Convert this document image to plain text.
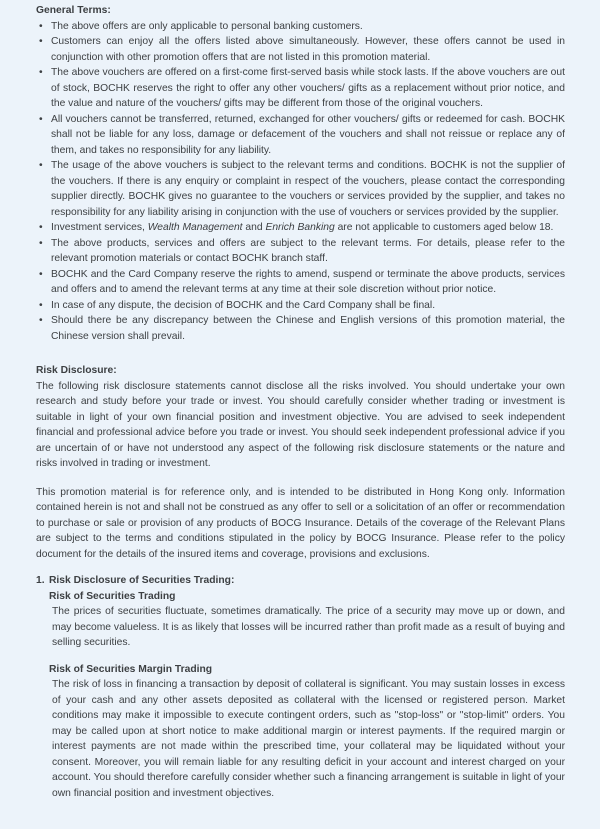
General Terms:
• The above offers are only applicable to personal banking customers.
• Customers can enjoy all the offers listed above simultaneously. However, these offers cannot be used in conjunction with other promotion offers that are not listed in this promotion material.
• The above vouchers are offered on a first-come first-served basis while stock lasts. If the above vouchers are out of stock, BOCHK reserves the right to offer any other vouchers/ gifts as a replacement without prior notice, and the value and nature of the vouchers/ gifts may be different from those of the original vouchers.
• All vouchers cannot be transferred, returned, exchanged for other vouchers/ gifts or redeemed for cash. BOCHK shall not be liable for any loss, damage or defacement of the vouchers and shall not reissue or replace any of them, and takes no responsibility for any liability.
• The usage of the above vouchers is subject to the relevant terms and conditions. BOCHK is not the supplier of the vouchers. If there is any enquiry or complaint in respect of the vouchers, please contact the corresponding supplier directly. BOCHK gives no guarantee to the vouchers or services provided by the supplier, and takes no responsibility for any liability arising in conjunction with the use of vouchers or services provided by the supplier.
• Investment services, Wealth Management and Enrich Banking are not applicable to customers aged below 18.
• The above products, services and offers are subject to the relevant terms. For details, please refer to the relevant promotion materials or contact BOCHK branch staff.
• BOCHK and the Card Company reserve the rights to amend, suspend or terminate the above products, services and offers and to amend the relevant terms at any time at their sole discretion without prior notice.
• In case of any dispute, the decision of BOCHK and the Card Company shall be final.
• Should there be any discrepancy between the Chinese and English versions of this promotion material, the Chinese version shall prevail.
Risk Disclosure:

The following risk disclosure statements cannot disclose all the risks involved. You should undertake your own research and study before your trade or invest. You should carefully consider whether trading or investment is suitable in light of your own financial position and investment objective. You are advised to seek independent financial and professional advice before you trade or invest. You should seek independent professional advice if you are uncertain of or have not understood any aspect of the following risk disclosure statements or the nature and risks involved in trading or investment.

This promotion material is for reference only, and is intended to be distributed in Hong Kong only. Information contained herein is not and shall not be construed as any offer to sell or a solicitation of an offer or recommendation to purchase or sale or provision of any products of BOCG Insurance. Details of the coverage of the Relevant Plans are subject to the terms and conditions stipulated in the policy by BOCG Insurance. Please refer to the policy document for the details of the insured items and coverage, provisions and exclusions.

1. Risk Disclosure of Securities Trading:
Risk of Securities Trading

The prices of securities fluctuate, sometimes dramatically. The price of a security may move up or down, and may become valueless. It is as likely that losses will be incurred rather than profit made as a result of buying and selling securities.

Risk of Securities Margin Trading

The risk of loss in financing a transaction by deposit of collateral is significant. You may sustain losses in excess of your cash and any other assets deposited as collateral with the licensed or registered person. Market conditions may make it impossible to execute contingent orders, such as "stop-loss" or "stop-limit" orders. You may be called upon at short notice to make additional margin or interest payments. If the required margin or interest payments are not made within the prescribed time, your collateral may be liquidated without your consent. Moreover, you will remain liable for any resulting deficit in your account and interest charged on your account. You should therefore carefully consider whether such a financing arrangement is suitable in light of your own financial position and investment objectives.
